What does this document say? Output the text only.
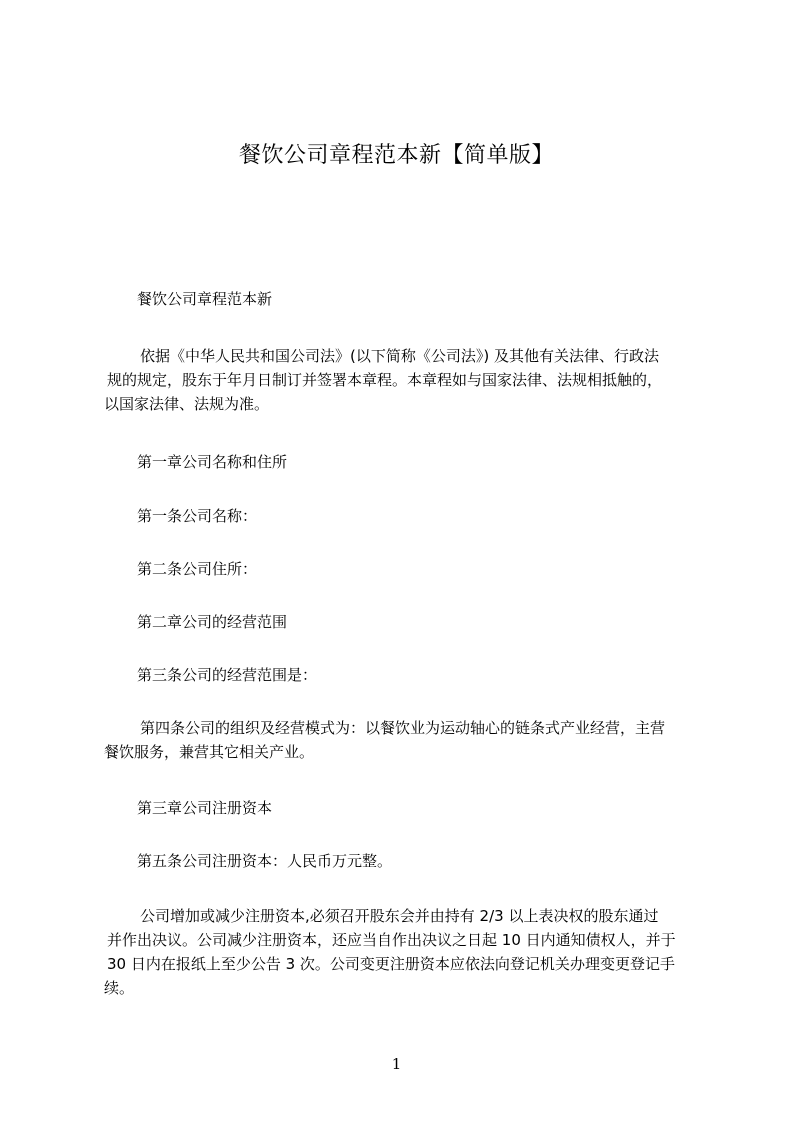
餐饮公司章程范本新【简单版】
餐饮公司章程范本新
依据《中华人民共和国公司法》(以下简称《公司法》) 及其他有关法律、行政法
规的规定，股东于年月日制订并签署本章程。本章程如与国家法律、法规相抵触的，
以国家法律、法规为准。
第一章公司名称和住所
第一条公司名称：
第二条公司住所：
第二章公司的经营范围
第三条公司的经营范围是：
第四条公司的组织及经营模式为：以餐饮业为运动轴心的链条式产业经营，主营
餐饮服务，兼营其它相关产业。
第三章公司注册资本
第五条公司注册资本：人民币万元整。
公司增加或减少注册资本,必须召开股东会并由持有 2/3 以上表决权的股东通过
并作出决议。公司减少注册资本，还应当自作出决议之日起 10 日内通知债权人，并于
30 日内在报纸上至少公告 3 次。公司变更注册资本应依法向登记机关办理变更登记手
续。
1
